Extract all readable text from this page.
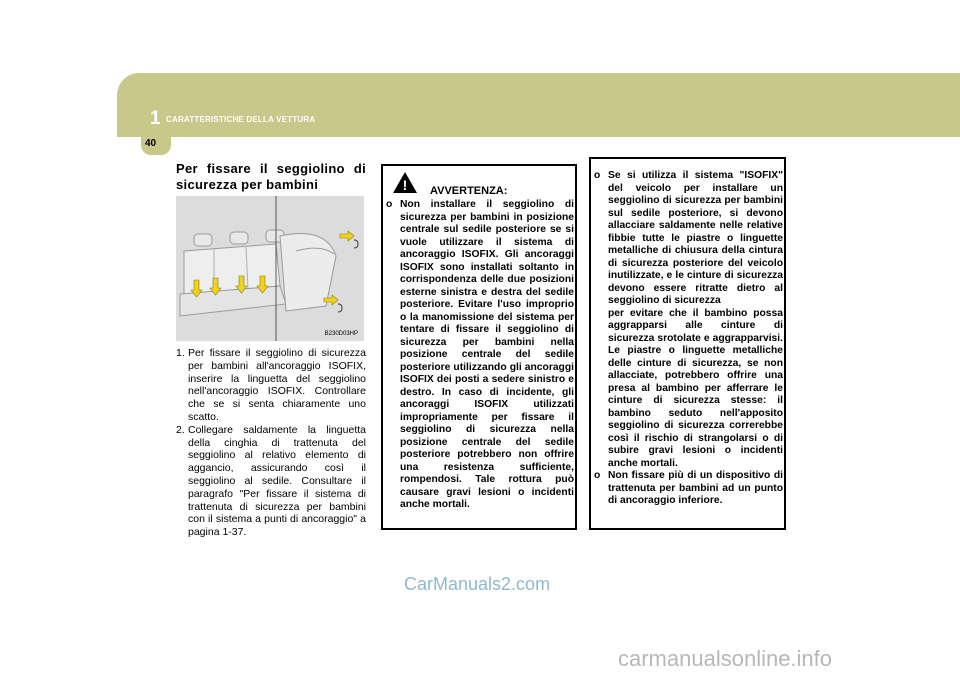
1 CARATTERISTICHE DELLA VETTURA
40
Per fissare il seggiolino di sicurezza per bambini
B230D03HP
1. Per fissare il seggiolino di sicurezza per bambini all'ancoraggio ISOFIX, inserire la linguetta del seggiolino nell'ancoraggio ISOFIX. Controllare che se si senta chiaramente uno scatto.
2. Collegare saldamente la linguetta della cinghia di trattenuta del seggiolino al relativo elemento di aggancio, assicurando così il seggiolino al sedile. Consultare il paragrafo "Per fissare il sistema di trattenuta di sicurezza per bambini con il sistema a punti di ancoraggio" a pagina 1-37.
! AVVERTENZA:
o Non installare il seggiolino di sicurezza per bambini in posizione centrale sul sedile posteriore se si vuole utilizzare il sistema di ancoraggio ISOFIX. Gli ancoraggi ISOFIX sono installati soltanto in corrispondenza delle due posizioni esterne sinistra e destra del sedile posteriore. Evitare l'uso improprio o la manomissione del sistema per tentare di fissare il seggiolino di sicurezza per bambini nella posizione centrale del sedile posteriore utilizzando gli ancoraggi ISOFIX dei posti a sedere sinistro e destro. In caso di incidente, gli ancoraggi ISOFIX utilizzati impropriamente per fissare il seggiolino di sicurezza nella posizione centrale del sedile posteriore potrebbero non offrire una resistenza sufficiente, rompendosi. Tale rottura può causare gravi lesioni o incidenti anche mortali.
o Se si utilizza il sistema "ISOFIX" del veicolo per installare un seggiolino di sicurezza per bambini sul sedile posteriore, si devono allacciare saldamente nelle relative fibbie tutte le piastre o linguette metalliche di chiusura della cintura di sicurezza posteriore del veicolo inutilizzate, e le cinture di sicurezza devono essere ritratte dietro al seggiolino di sicurezza
per evitare che il bambino possa aggrapparsi alle cinture di sicurezza srotolate e aggrapparvisi. Le piastre o linguette metalliche delle cinture di sicurezza, se non allacciate, potrebbero offrire una presa al bambino per afferrare le cinture di sicurezza stesse: il bambino seduto nell'apposito seggiolino di sicurezza correrebbe così il rischio di strangolarsi o di subire gravi lesioni o incidenti anche mortali.
o Non fissare più di un dispositivo di trattenuta per bambini ad un punto di ancoraggio inferiore.
CarManuals2.com
carmanualsonline.info
